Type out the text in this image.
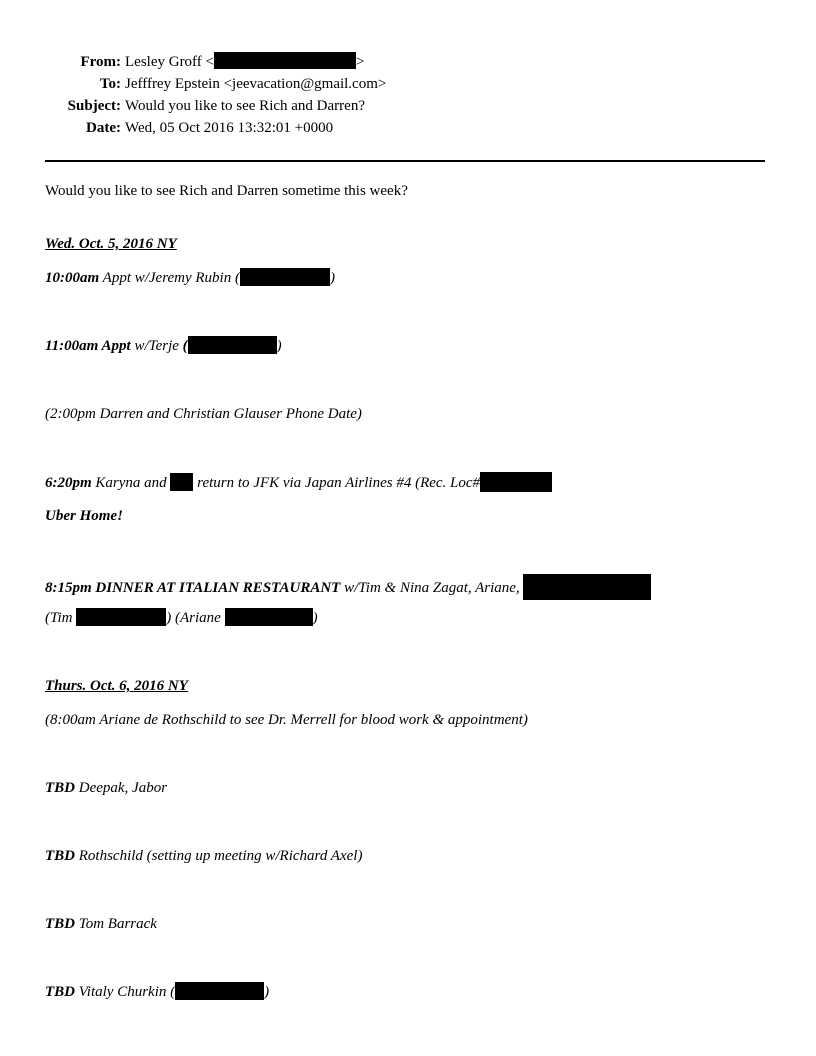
From: Lesley Groff <	>
To: Jefffrey Epstein <jeevacation@gmail.com>
Subject: Would you like to see Rich and Darren?
Date: Wed, 05 Oct 2016 13:32:01 +0000
Would you like to see Rich and Darren sometime this week?
Wed. Oct. 5, 2016 NY
10:00am Appt w/Jeremy Rubin (	)
11:00am Appt w/Terje (	)
(2:00pm Darren and Christian Glauser Phone Date)
6:20pm Karyna and  return to JFK via Japan Airlines #4 (Rec. Loc#
Uber Home!
8:15pm DINNER AT ITALIAN RESTAURANT w/Tim & Nina Zagat, Ariane,
(Tim	) (Ariane	)
Thurs. Oct. 6, 2016 NY
(8:00am Ariane de Rothschild to see Dr. Merrell for blood work & appointment)
TBD Deepak, Jabor
TBD Rothschild (setting up meeting w/Richard Axel)
TBD Tom Barrack
TBD Vitaly Churkin (	)
